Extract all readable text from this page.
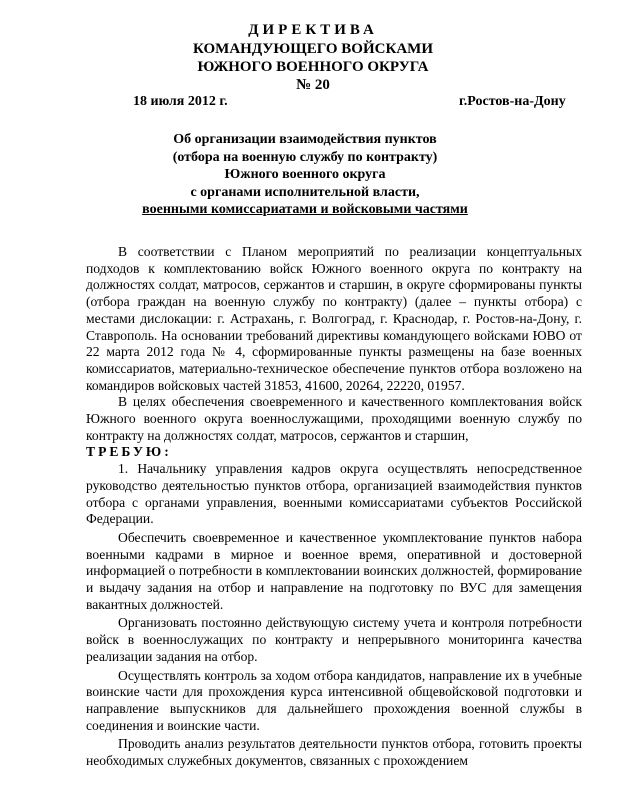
ДИРЕКТИВА
КОМАНДУЮЩЕГО ВОЙСКАМИ
ЮЖНОГО ВОЕННОГО ОКРУГА
№ 20
18 июля 2012 г.	г.Ростов-на-Дону
Об организации взаимодействия пунктов
(отбора на военную службу по контракту)
Южного военного округа
с органами исполнительной власти,
военными комиссариатами и войсковыми частями

В соответствии с Планом мероприятий по реализации концептуальных подходов к комплектованию войск Южного военного округа по контракту на должностях солдат, матросов, сержантов и старшин, в округе сформированы пункты (отбора граждан на военную службу по контракту) (далее – пункты отбора) с местами дислокации: г. Астрахань, г. Волгоград, г. Краснодар, г. Ростов-на-Дону, г. Ставрополь. На основании требований директивы командующего войсками ЮВО от 22 марта 2012 года № 4, сформированные пункты размещены на базе военных комиссариатов, материально-техническое обеспечение пунктов отбора возложено на командиров войсковых частей 31853, 41600, 20264, 22220, 01957.

В целях обеспечения своевременного и качественного комплектования войск Южного военного округа военнослужащими, проходящими военную службу по контракту на должностях солдат, матросов, сержантов и старшин,

ТРЕБУЮ:

1. Начальнику управления кадров округа осуществлять непосредственное руководство деятельностью пунктов отбора, организацией взаимодействия пунктов отбора с органами управления, военными комиссариатами субъектов Российской Федерации.

Обеспечить своевременное и качественное укомплектование пунктов набора военными кадрами в мирное и военное время, оперативной и достоверной информацией о потребности в комплектовании воинских должностей, формирование и выдачу задания на отбор и направление на подготовку по ВУС для замещения вакантных должностей.

Организовать постоянно действующую систему учета и контроля потребности войск в военнослужащих по контракту и непрерывного мониторинга качества реализации задания на отбор.

Осуществлять контроль за ходом отбора кандидатов, направление их в учебные воинские части для прохождения курса интенсивной общевойсковой подготовки и направление выпускников для дальнейшего прохождения военной службы в соединения и воинские части.

Проводить анализ результатов деятельности пунктов отбора, готовить проекты необходимых служебных документов, связанных с прохождением
